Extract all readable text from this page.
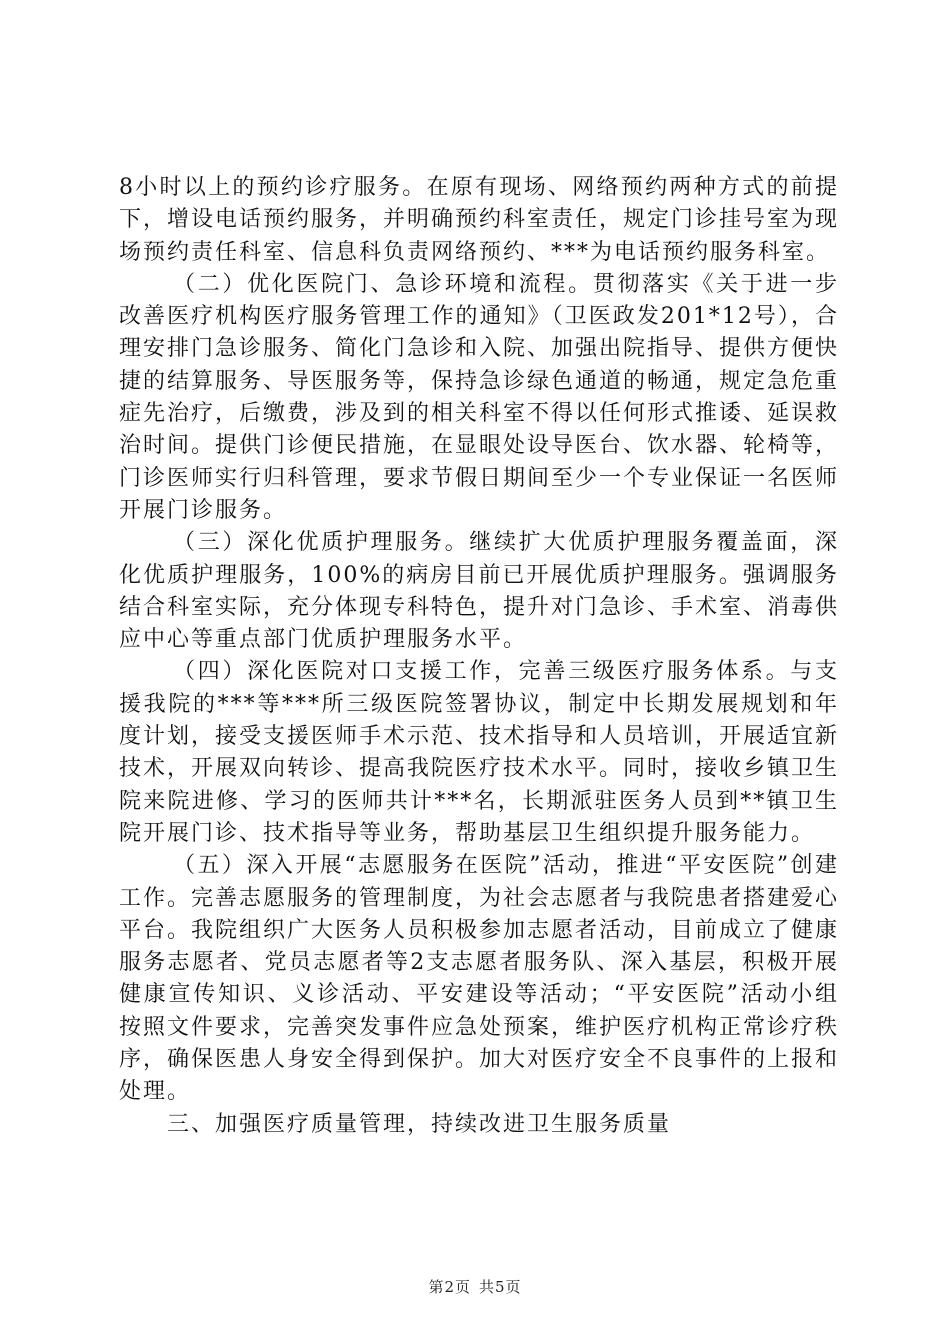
8小时以上的预约诊疗服务。在原有现场、网络预约两种方式的前提下，增设电话预约服务，并明确预约科室责任，规定门诊挂号室为现场预约责任科室、信息科负责网络预约、***为电话预约服务科室。

（二）优化医院门、急诊环境和流程。贯彻落实《关于进一步改善医疗机构医疗服务管理工作的通知》（卫医政发201*12号），合理安排门急诊服务、简化门急诊和入院、加强出院指导、提供方便快捷的结算服务、导医服务等，保持急诊绿色通道的畅通，规定急危重症先治疗，后缴费，涉及到的相关科室不得以任何形式推诿、延误救治时间。提供门诊便民措施，在显眼处设导医台、饮水器、轮椅等，门诊医师实行归科管理，要求节假日期间至少一个专业保证一名医师开展门诊服务。

（三）深化优质护理服务。继续扩大优质护理服务覆盖面，深化优质护理服务，100%的病房目前已开展优质护理服务。强调服务结合科室实际，充分体现专科特色，提升对门急诊、手术室、消毒供应中心等重点部门优质护理服务水平。

（四）深化医院对口支援工作，完善三级医疗服务体系。与支援我院的***等***所三级医院签署协议，制定中长期发展规划和年度计划，接受支援医师手术示范、技术指导和人员培训，开展适宜新技术，开展双向转诊、提高我院医疗技术水平。同时，接收乡镇卫生院来院进修、学习的医师共计***名，长期派驻医务人员到**镇卫生院开展门诊、技术指导等业务，帮助基层卫生组织提升服务能力。

（五）深入开展“志愿服务在医院”活动，推进“平安医院”创建工作。完善志愿服务的管理制度，为社会志愿者与我院患者搭建爱心平台。我院组织广大医务人员积极参加志愿者活动，目前成立了健康服务志愿者、党员志愿者等2支志愿者服务队、深入基层，积极开展健康宣传知识、义诊活动、平安建设等活动；“平安医院”活动小组按照文件要求，完善突发事件应急处预案，维护医疗机构正常诊疗秩序，确保医患人身安全得到保护。加大对医疗安全不良事件的上报和处理。

三、加强医疗质量管理，持续改进卫生服务质量

第2页 共5页
